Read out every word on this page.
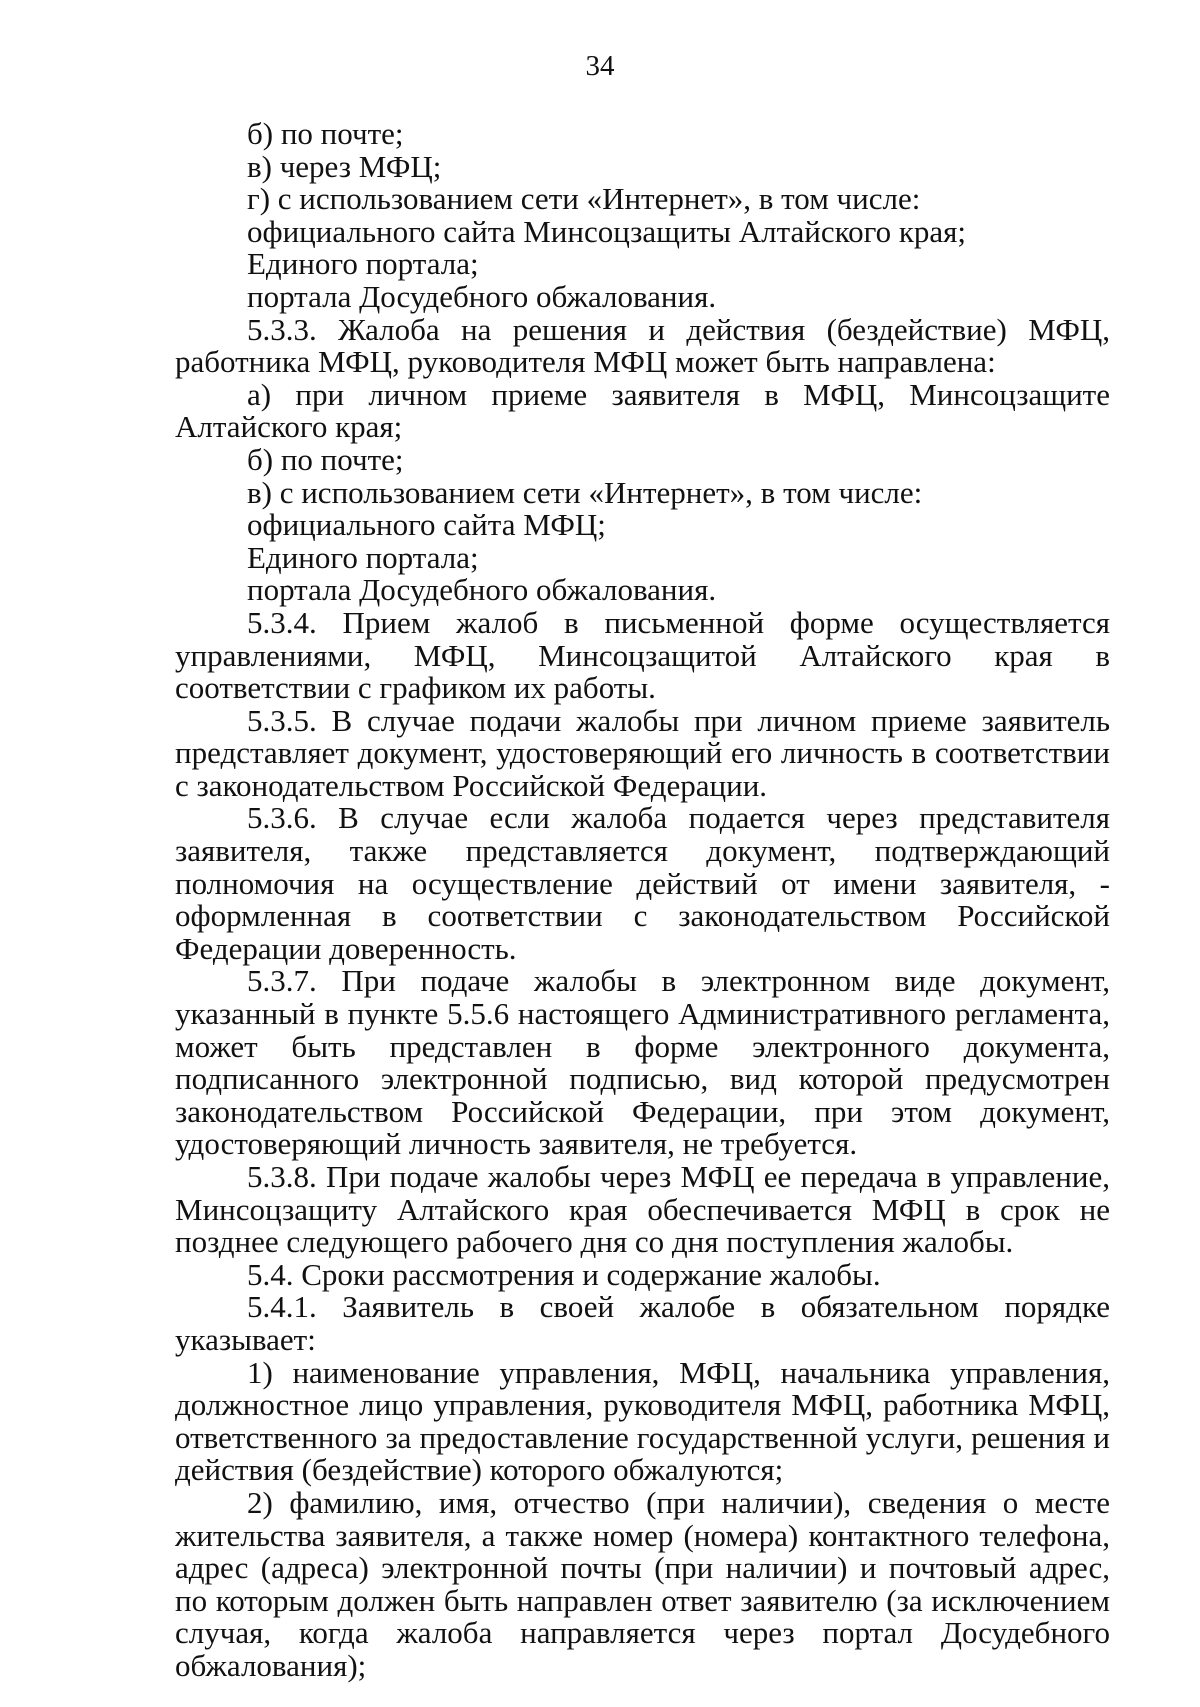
34

б) по почте;

в) через МФЦ;

г) с использованием сети «Интернет», в том числе:

официального сайта Минсоцзащиты Алтайского края;

Единого портала;

портала Досудебного обжалования.

5.3.3. Жалоба на решения и действия (бездействие) МФЦ, работника МФЦ, руководителя МФЦ может быть направлена:

а) при личном приеме заявителя в МФЦ, Минсоцзащите Алтайского края;

б) по почте;

в) с использованием сети «Интернет», в том числе:

официального сайта МФЦ;

Единого портала;

портала Досудебного обжалования.

5.3.4. Прием жалоб в письменной форме осуществляется управлениями, МФЦ, Минсоцзащитой Алтайского края в соответствии с графиком их работы.

5.3.5. В случае подачи жалобы при личном приеме заявитель представляет документ, удостоверяющий его личность в соответствии с законодательством Российской Федерации.

5.3.6. В случае если жалоба подается через представителя заявителя, также представляется документ, подтверждающий полномочия на осуществление действий от имени заявителя, - оформленная в соответствии с законодательством Российской Федерации доверенность.

5.3.7. При подаче жалобы в электронном виде документ, указанный в пункте 5.5.6 настоящего Административного регламента, может быть представлен в форме электронного документа, подписанного электронной подписью, вид которой предусмотрен законодательством Российской Федерации, при этом документ, удостоверяющий личность заявителя, не требуется.

5.3.8. При подаче жалобы через МФЦ ее передача в управление, Минсоцзащиту Алтайского края обеспечивается МФЦ в срок не позднее следующего рабочего дня со дня поступления жалобы.

5.4. Сроки рассмотрения и содержание жалобы.

5.4.1. Заявитель в своей жалобе в обязательном порядке указывает:

1) наименование управления, МФЦ, начальника управления, должностное лицо управления, руководителя МФЦ, работника МФЦ, ответственного за предоставление государственной услуги, решения и действия (бездействие) которого обжалуются;

2) фамилию, имя, отчество (при наличии), сведения о месте жительства заявителя, а также номер (номера) контактного телефона, адрес (адреса) электронной почты (при наличии) и почтовый адрес, по которым должен быть направлен ответ заявителю (за исключением случая, когда жалоба направляется через портал Досудебного обжалования);
